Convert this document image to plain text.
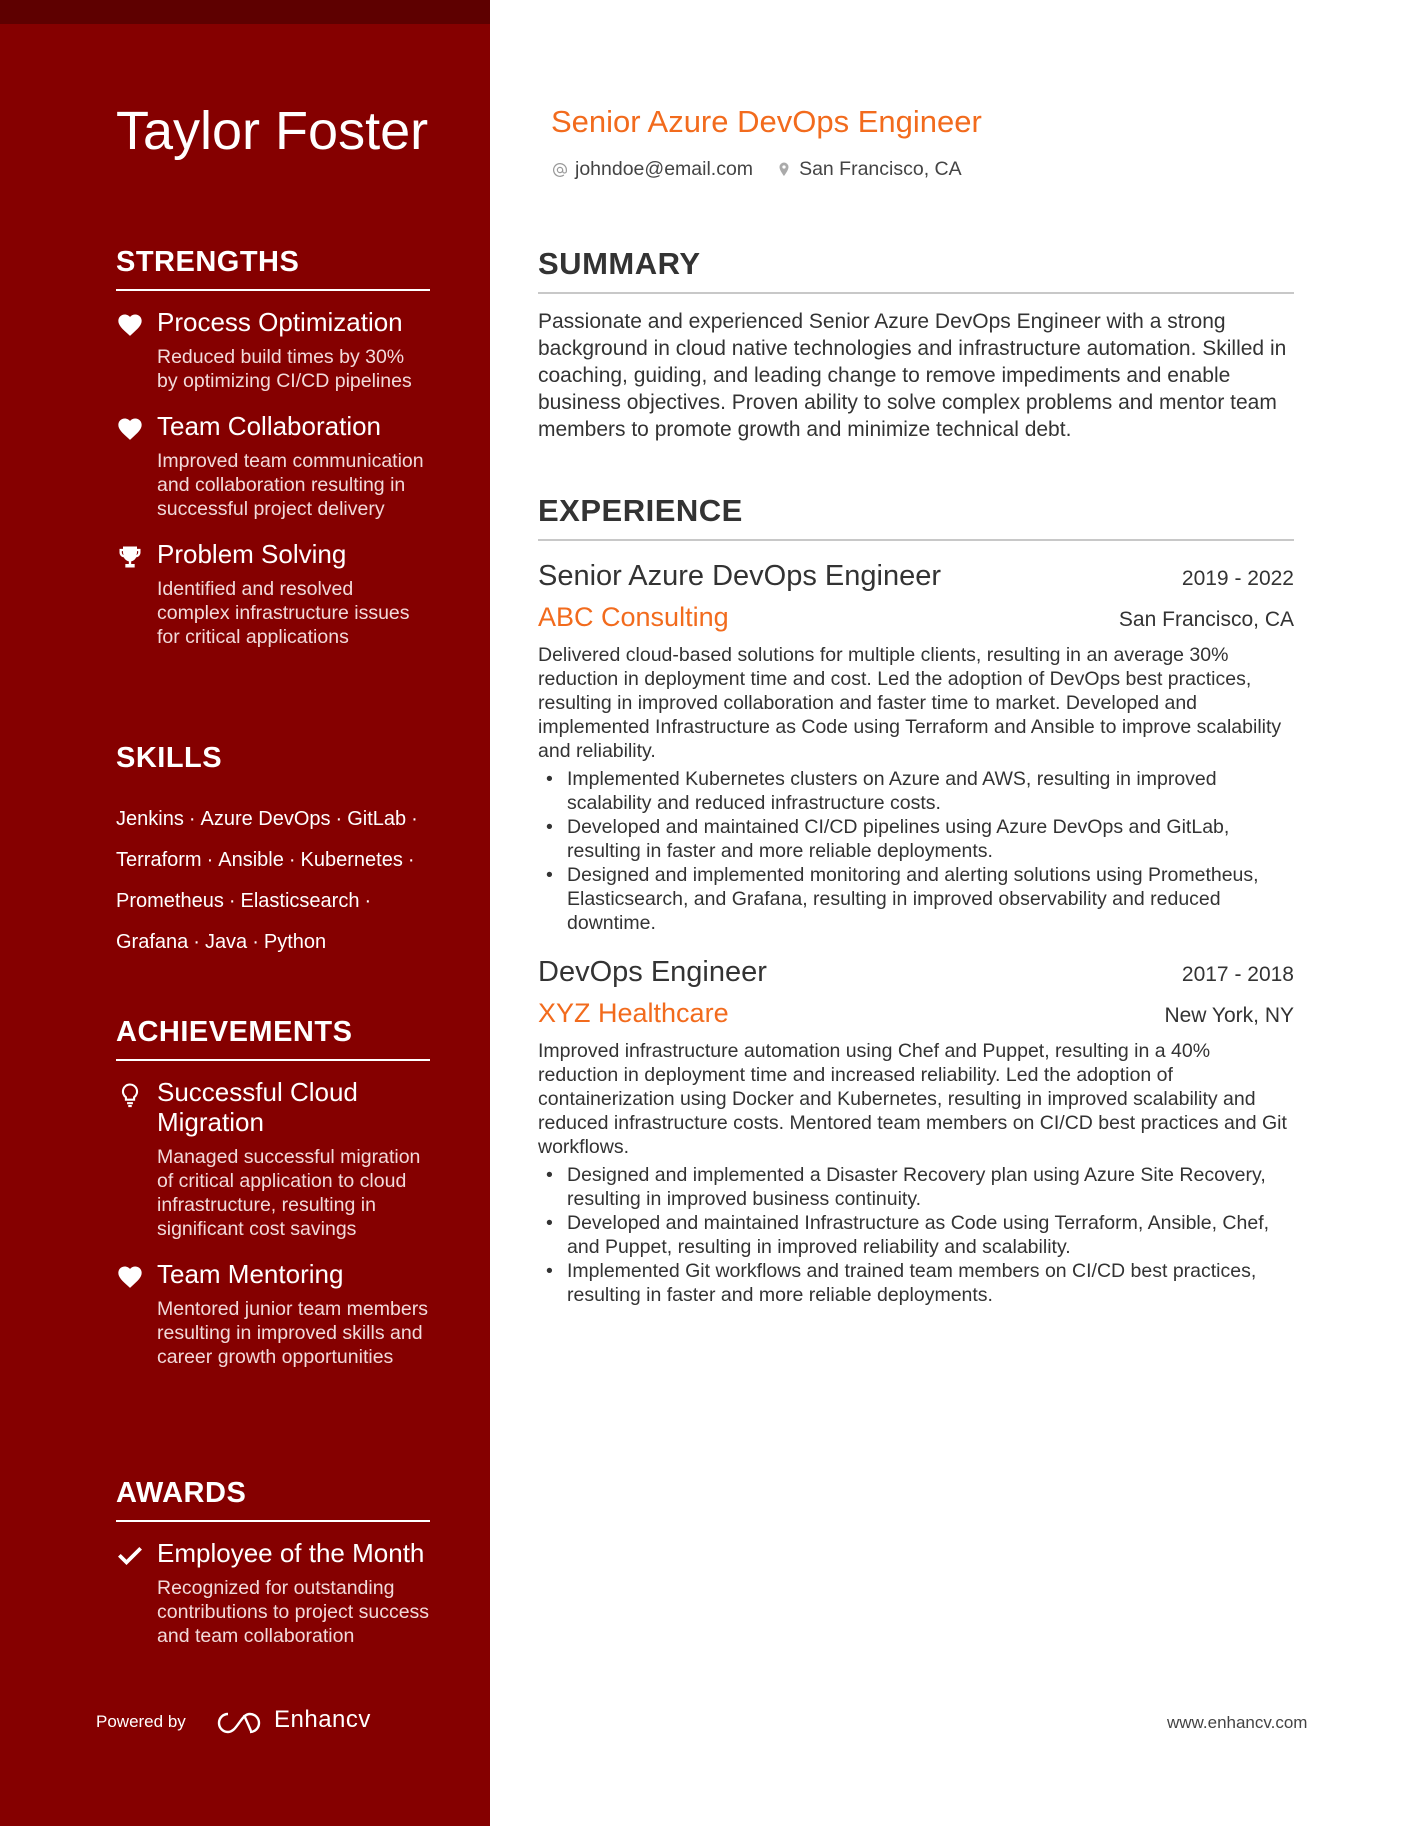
Taylor Foster
STRENGTHS
Process Optimization
Reduced build times by 30% by optimizing CI/CD pipelines
Team Collaboration
Improved team communication and collaboration resulting in successful project delivery
Problem Solving
Identified and resolved complex infrastructure issues for critical applications
SKILLS
Jenkins · Azure DevOps · GitLab ·
Terraform · Ansible · Kubernetes ·
Prometheus · Elasticsearch ·
Grafana · Java · Python
ACHIEVEMENTS
Successful Cloud Migration
Managed successful migration of critical application to cloud infrastructure, resulting in significant cost savings
Team Mentoring
Mentored junior team members resulting in improved skills and career growth opportunities
AWARDS
Employee of the Month
Recognized for outstanding contributions to project success and team collaboration
Powered by	Enhancv
Senior Azure DevOps Engineer
johndoe@email.com San Francisco, CA
SUMMARY

Passionate and experienced Senior Azure DevOps Engineer with a strong background in cloud native technologies and infrastructure automation. Skilled in coaching, guiding, and leading change to remove impediments and enable business objectives. Proven ability to solve complex problems and mentor team members to promote growth and minimize technical debt.

EXPERIENCE
Senior Azure DevOps Engineer	2019 - 2022
ABC Consulting	San Francisco, CA

Delivered cloud-based solutions for multiple clients, resulting in an average 30% reduction in deployment time and cost. Led the adoption of DevOps best practices, resulting in improved collaboration and faster time to market. Developed and implemented Infrastructure as Code using Terraform and Ansible to improve scalability and reliability.

• Implemented Kubernetes clusters on Azure and AWS, resulting in improved scalability and reduced infrastructure costs.
• Developed and maintained CI/CD pipelines using Azure DevOps and GitLab, resulting in faster and more reliable deployments.
• Designed and implemented monitoring and alerting solutions using Prometheus, Elasticsearch, and Grafana, resulting in improved observability and reduced downtime.
DevOps Engineer	2017 - 2018
XYZ Healthcare	New York, NY

Improved infrastructure automation using Chef and Puppet, resulting in a 40% reduction in deployment time and increased reliability. Led the adoption of containerization using Docker and Kubernetes, resulting in improved scalability and reduced infrastructure costs. Mentored team members on CI/CD best practices and Git workflows.

• Designed and implemented a Disaster Recovery plan using Azure Site Recovery, resulting in improved business continuity.
• Developed and maintained Infrastructure as Code using Terraform, Ansible, Chef, and Puppet, resulting in improved reliability and scalability.
• Implemented Git workflows and trained team members on CI/CD best practices, resulting in faster and more reliable deployments.
www.enhancv.com
